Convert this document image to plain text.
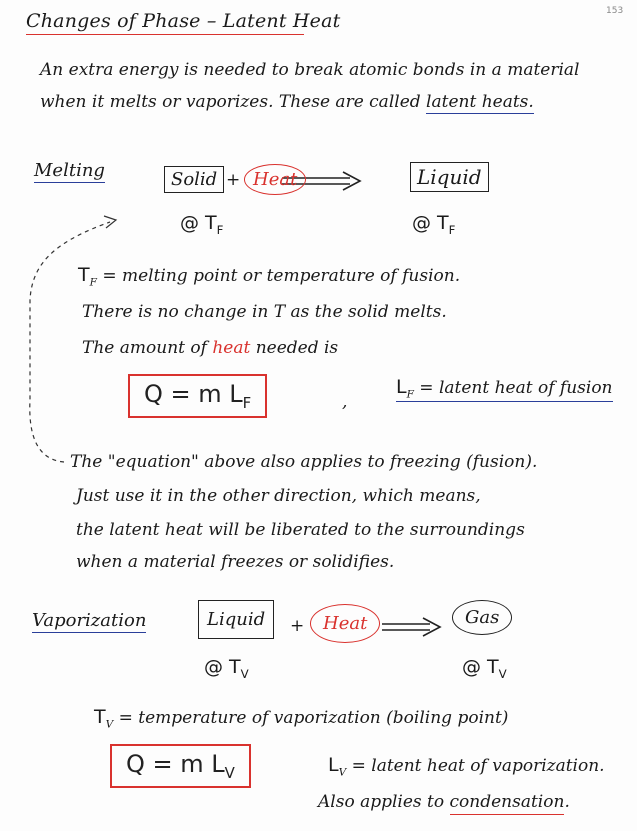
153
Changes of Phase – Latent Heat
An extra energy is needed to break atomic bonds in a material
when it melts or vaporizes. These are called latent heats.
Melting	Solid + Heat	Liquid
@ $T_F$	@ $T_F$
$T_F$ = melting point or temperature of fusion.
There is no change in T as the solid melts.
The amount of heat needed is
Q = m $L_F$	,
$L_F$ = latent heat of fusion
The "equation" above also applies to freezing (fusion).
Just use it in the other direction, which means,
the latent heat will be liberated to the surroundings
when a material freezes or solidifies.
Vaporization	Liquid	+	Heat	Gas
@ $T_V$	@ $T_V$
$T_V$ = temperature of vaporization (boiling point)
Q = m $L_V$	$L_V$ = latent heat of vaporization.
Also applies to condensation.
